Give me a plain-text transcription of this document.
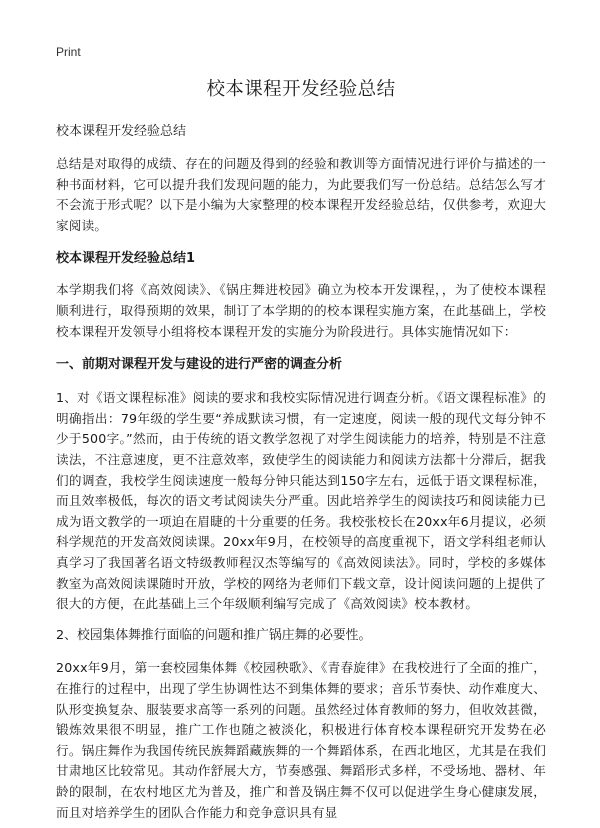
Print
校本课程开发经验总结

校本课程开发经验总结

总结是对取得的成绩、存在的问题及得到的经验和教训等方面情况进行评价与描述的一种书面材料，它可以提升我们发现问题的能力，为此要我们写一份总结。总结怎么写才不会流于形式呢？以下是小编为大家整理的校本课程开发经验总结，仅供参考，欢迎大家阅读。

校本课程开发经验总结1

本学期我们将《高效阅读》、《锅庄舞进校园》确立为校本开发课程，，为了使校本课程顺利进行，取得预期的效果，制订了本学期的的校本课程实施方案，在此基础上，学校校本课程开发领导小组将校本课程开发的实施分为阶段进行。具体实施情况如下：

一、前期对课程开发与建设的进行严密的调查分析

1、对《语文课程标准》阅读的要求和我校实际情况进行调查分析。《语文课程标准》的明确指出：79年级的学生要“养成默读习惯，有一定速度，阅读一般的现代文每分钟不少于500字。”然而，由于传统的语文教学忽视了对学生阅读能力的培养，特别是不注意读法，不注意速度，更不注意效率，致使学生的阅读能力和阅读方法都十分滞后，据我们的调查，我校学生阅读速度一般每分钟只能达到150字左右，远低于语文课程标准，而且效率极低，每次的语文考试阅读失分严重。因此培养学生的阅读技巧和阅读能力已成为语文教学的一项迫在眉睫的十分重要的任务。我校张校长在20xx年6月提议，必须科学规范的开发高效阅读课。20xx年9月，在校领导的高度重视下，语文学科组老师认真学习了我国著名语文特级教师程汉杰等编写的《高效阅读法》。同时，学校的多媒体教室为高效阅读课随时开放，学校的网络为老师们下载文章，设计阅读问题的上提供了很大的方便，在此基础上三个年级顺利编写完成了《高效阅读》校本教材。

2、校园集体舞推行面临的问题和推广锅庄舞的必要性。

20xx年9月，第一套校园集体舞《校园秧歌》、《青春旋律》在我校进行了全面的推广，在推行的过程中，出现了学生协调性达不到集体舞的要求；音乐节奏快、动作难度大、队形变换复杂、服装要求高等一系列的问题。虽然经过体育教师的努力，但收效甚微，锻炼效果很不明显，推广工作也随之被淡化，积极进行体育校本课程研究开发势在必行。锅庄舞作为我国传统民族舞蹈藏族舞的一个舞蹈体系，在西北地区，尤其是在我们甘肃地区比较常见。其动作舒展大方，节奏感强、舞蹈形式多样，不受场地、器材、年龄的限制，在农村地区尤为普及，推广和普及锅庄舞不仅可以促进学生身心健康发展，而且对培养学生的团队合作能力和竞争意识具有显
